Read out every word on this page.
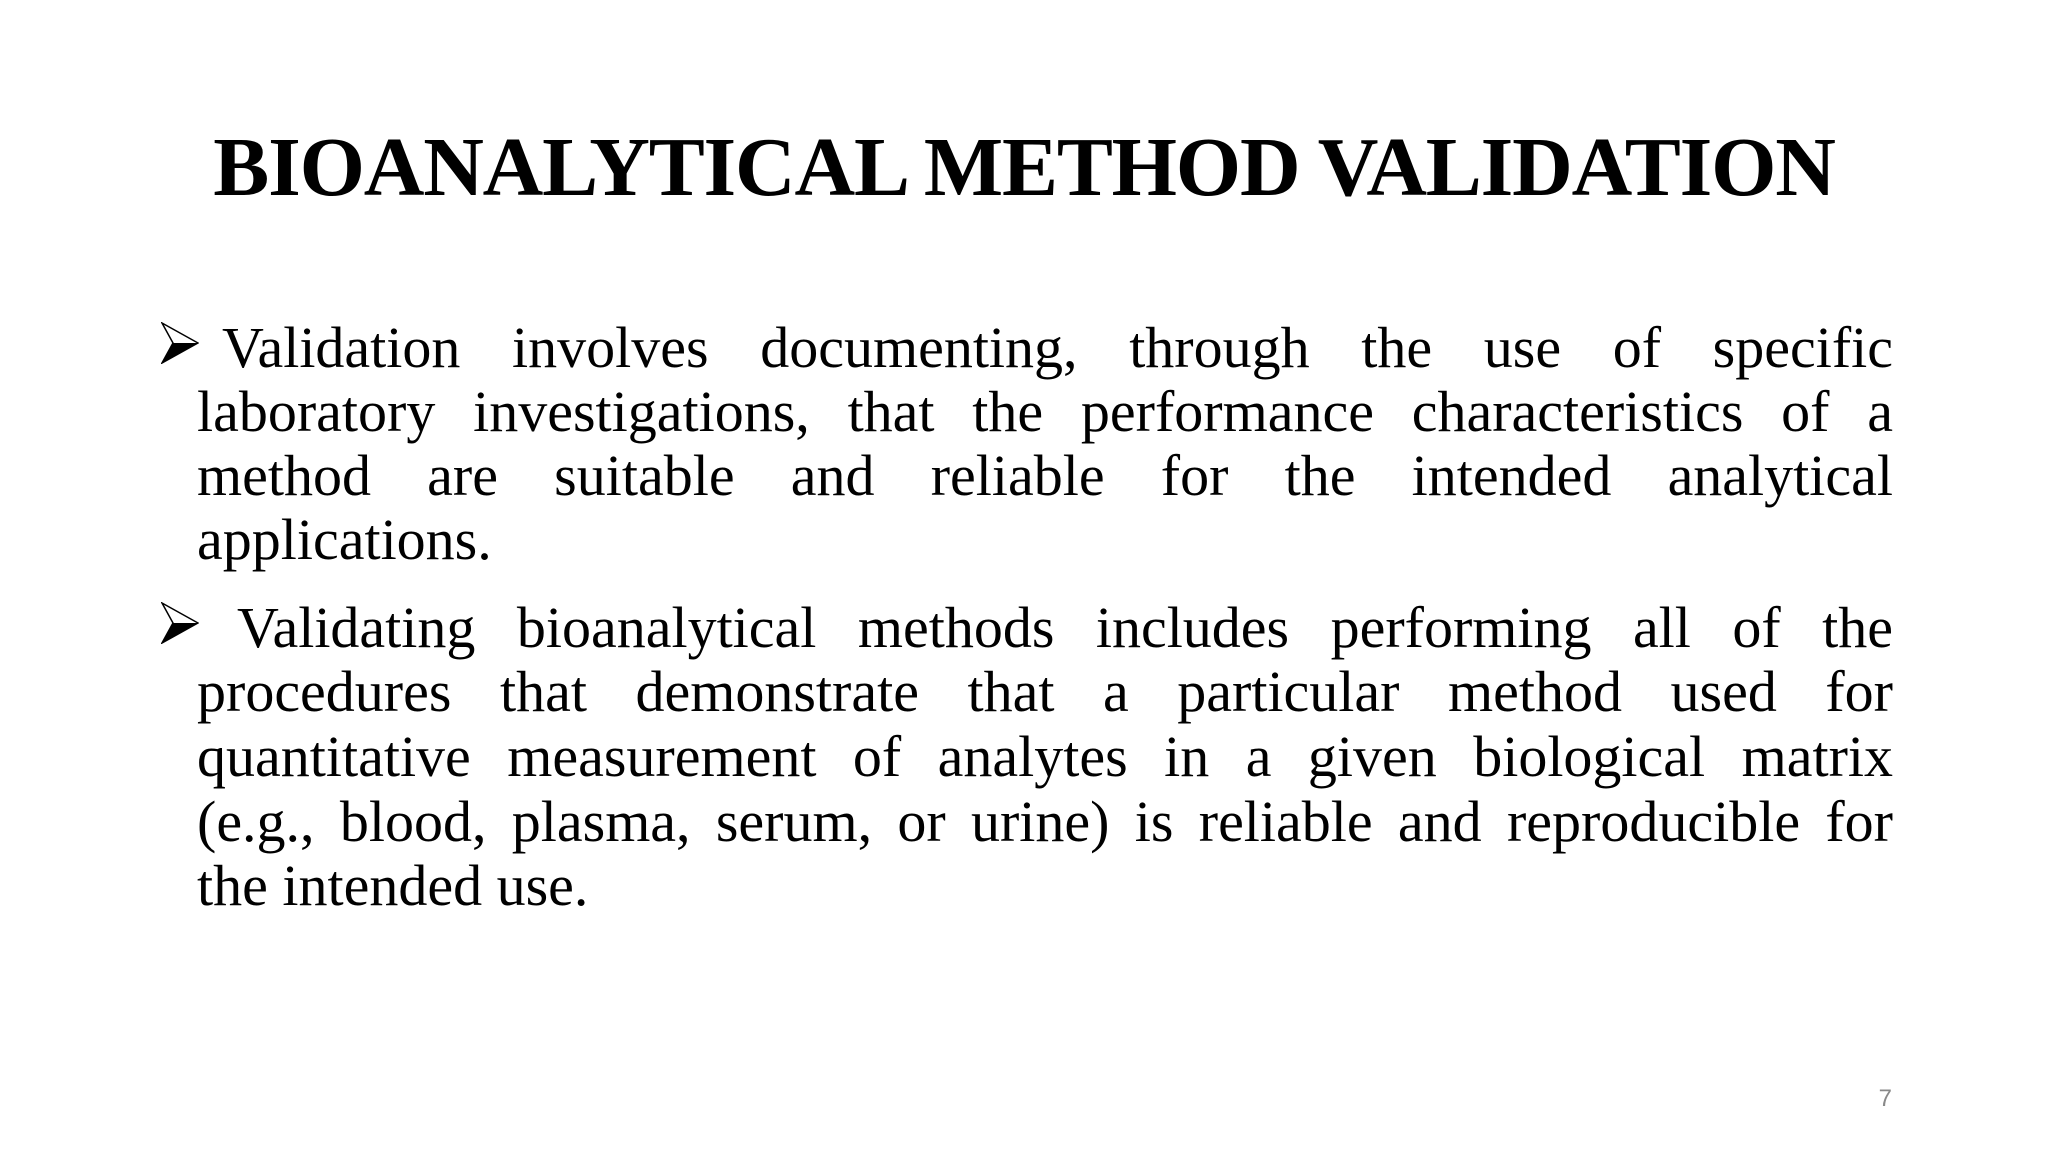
BIOANALYTICAL METHOD VALIDATION
Validation involves documenting, through the use of specific
laboratory investigations, that the performance characteristics of a
method are suitable and reliable for the intended analytical
applications.
Validating bioanalytical methods includes performing all of the
procedures that demonstrate that a particular method used for
quantitative measurement of analytes in a given biological matrix
(e.g., blood, plasma, serum, or urine) is reliable and reproducible for
the intended use.
7
